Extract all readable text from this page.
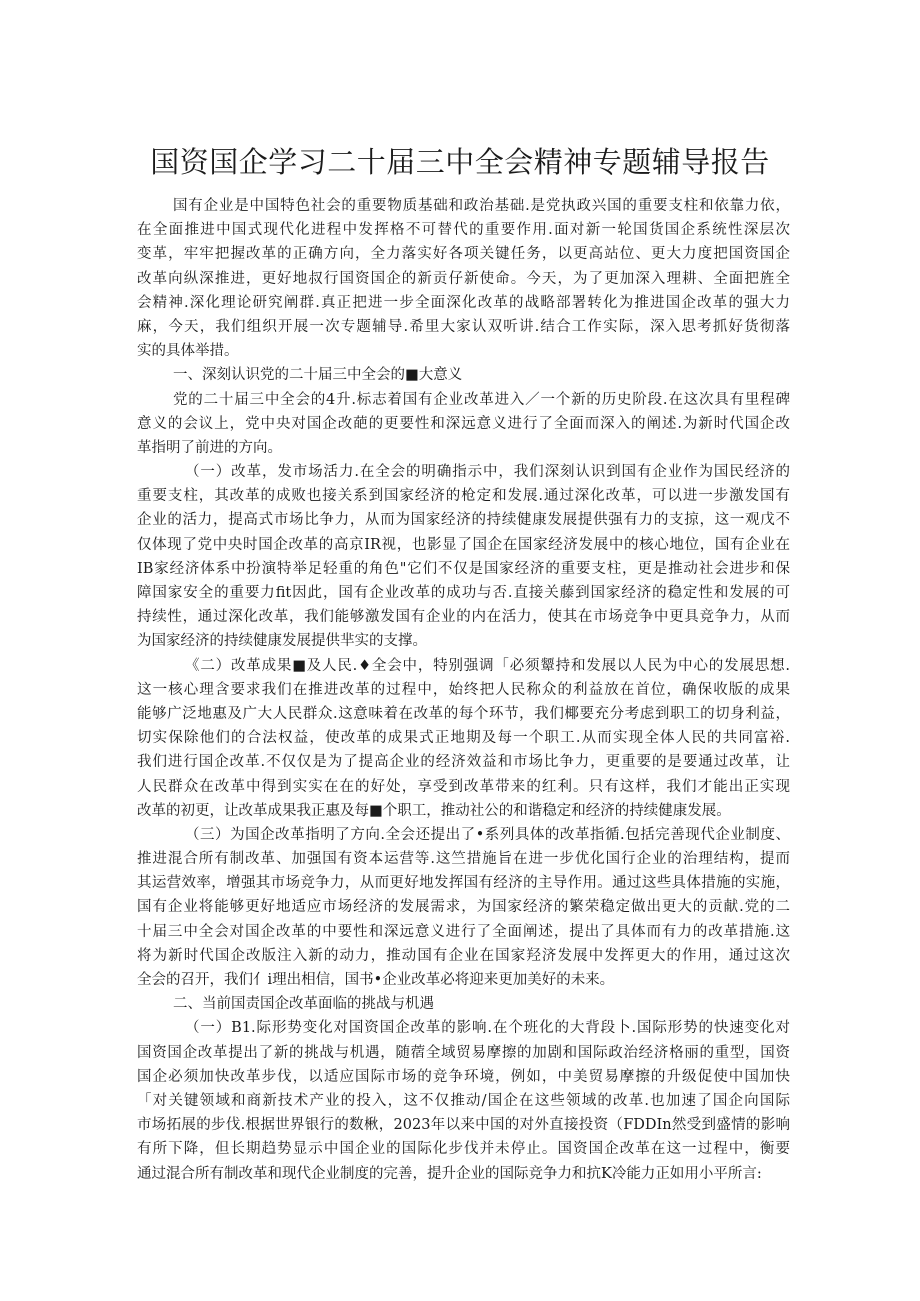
国资国企学习二十届三中全会精神专题辅导报告
国有企业是中国特色社会的重要物质基础和政治基础.是党执政兴国的重要支柱和依靠力依，
在全面推进中国式现代化进程中发挥格不可替代的重要作用.面对新一轮国货国企系统性深层次
变革，牢牢把握改革的正确方向，全力落实好各项关键任务，以更高站位、更大力度把国资国企
改革向纵深推进，更好地叔行国资国企的新贡仔新使命。今天，为了更加深入理耕、全面把旌全
会精神.深化理论研究阐群.真正把进一步全面深化改革的战略部署转化为推进国企改革的强大力
麻，今天，我们组织开展一次专题辅导.希里大家认双听讲.结合工作实际，深入思考抓好货彻落
实的具体举措。
一、深刻认识党的二十届三中全会的■大意义
党的二十届三中全会的4升.标志着国有企业改革进入／一个新的历史阶段.在这次具有里程碑
意义的会议上，党中央对国企改葩的更要性和深远意义进行了全面而深入的阐述.为新时代国企改
革指明了前进的方向。
（一）改革，发市场活力.在全会的明确指示中，我们深刻认识到国有企业作为国民经济的
重要支柱，其改革的成败也接关系到国家经济的枪定和发展.通过深化改革，可以进一步激发国有
企业的活力，提高式市场比争力，从而为国家经济的持续健康发展提供强有力的支掠，这一观戊不
仅体现了党中央时国企改革的高京IR视，也影显了国企在国家经济发展中的核心地位，国有企业在
IB家经济体系中扮演特举足轻重的角色"它们不仅是国家经济的重要支柱，更是推动社会进步和保
障国家安全的重要力fit因此，国有企业改革的成功与否.直接关藤到国家经济的稳定性和发展的可
持续性，通过深化改革，我们能够激发国有企业的内在活力，使其在市场竞争中更具竞争力，从而
为国家经济的持续健康发展提供芈实的支撑。
《二）改革成果■及人民.♦全会中，特别强调「必须颦持和发展以人民为中心的发展思想.
这一核心理含要求我们在推进改革的过程中，始终把人民称众的利益放在首位，确保收版的成果
能够广泛地惠及广大人民群众.这意味着在改革的每个环节，我们椰要充分考虑到职工的切身利益，
切实保除他们的合法权益，使改革的成果式正地期及每一个职工.从而实现全体人民的共同富裕.
我们进行国企改革.不仅仅是为了提高企业的经济效益和市场比争力，更重要的是要通过改革，让
人民群众在改革中得到实实在在的好处，享受到改革带来的红利。只有这样，我们才能出正实现
改革的初更，让改革成果我正惠及每■个职工，推动社公的和谐稳定和经济的持续健康发展。
（三）为国企改革指明了方向.全会还提出了•系列具体的改革指循.包括完善现代企业制度、
推进混合所有制改革、加强国有资本运营等.这竺措施旨在进一步优化国行企业的治理结构，提而
其运营效率，增强其市场竞争力，从而更好地发挥国有经济的主导作用。通过这些具体措施的实施，
国有企业将能够更好地适应市场经济的发展需求，为国家经济的繁荣稳定做出更大的贡献.党的二
十届三中全会对国企改革的中要性和深远意义进行了全面阐述，提出了具体而有力的改革措施.这
将为新时代国企改版注入新的动力，推动国有企业在国家羟济发展中发挥更大的作用，通过这次
全会的召开，我们亻i理出相信，国书•企业改革必将迎来更加美好的未来。
二、当前国责国企改革面临的挑战与机遇
（一）B1.际形势变化对国资国企改革的影响.在个班化的大背段卜.国际形势的快速变化对
国资国企改革提出了新的挑战与机遇，随蓿全域贸易摩擦的加剧和国际政治经济格丽的重型，国资
国企必须加快改革步伐，以适应国际市场的竞争环境，例如，中美贸易摩擦的升级促使中国加快
「对关键领域和商新技术产业的投入，这不仅推动/国企在这些领域的改革.也加速了国企向国际
市场拓展的步伐.根据世界银行的数楸，2023年以来中国的对外直接投资（FDDIn然受到盛情的影响
有所下降，但长期趋势显示中国企业的国际化步伐并未停止。国资国企改革在这一过程中，衡要
通过混合所有制改革和现代企业制度的完善，提升企业的国际竞争力和抗K冷能力正如用小平所言:
